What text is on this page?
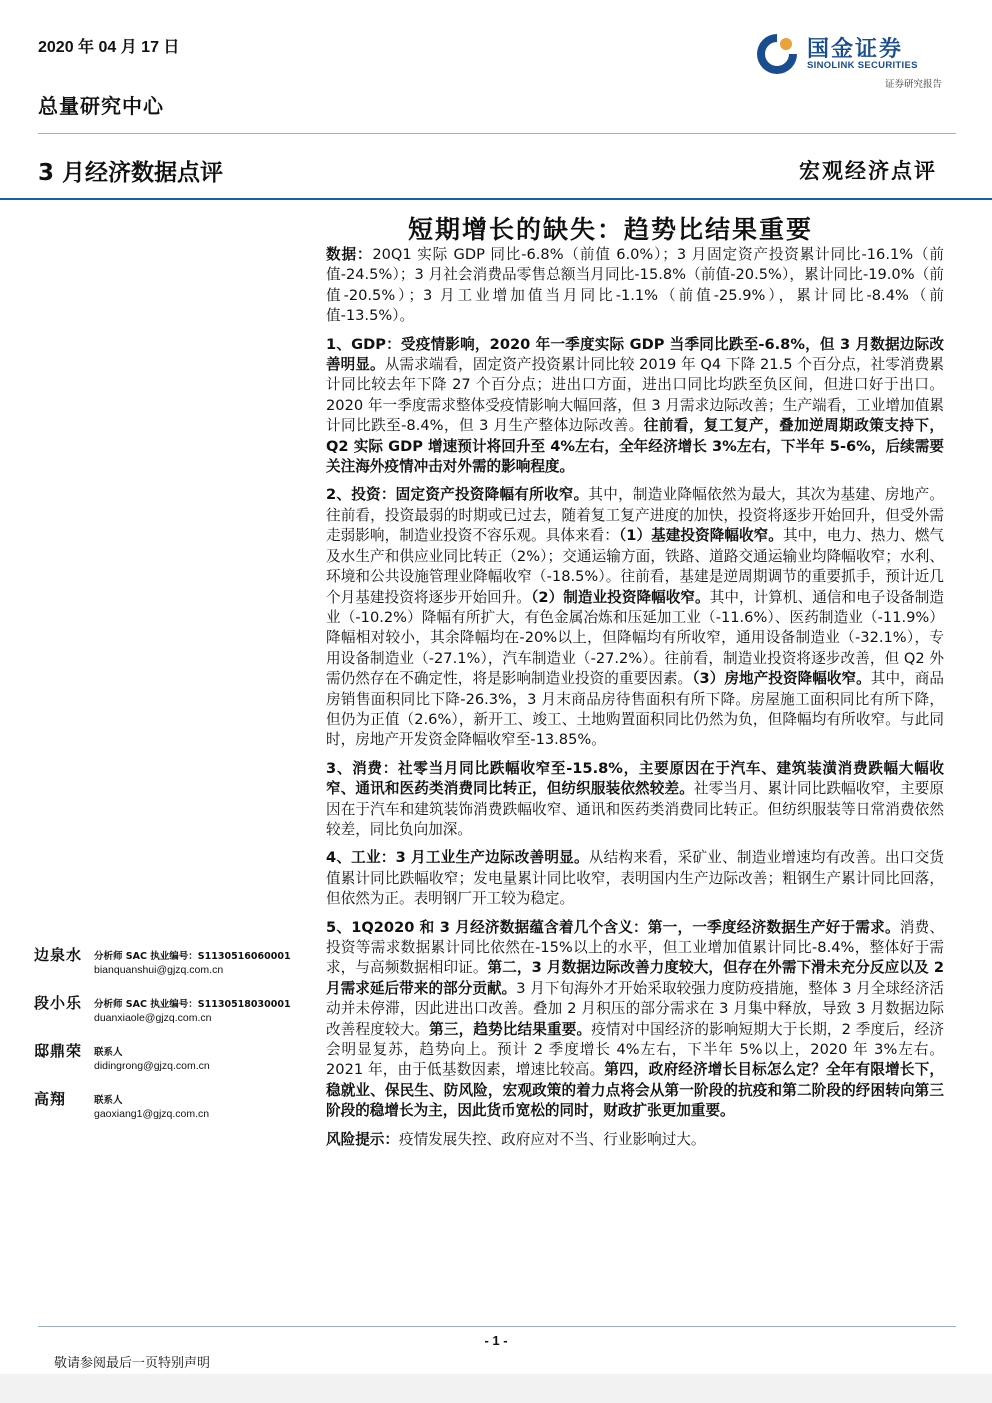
2020 年 04 月 17 日
总量研究中心
国金证券
SINOLINK SECURITIES
证券研究报告
3 月经济数据点评	宏观经济点评
短期增长的缺失：趋势比结果重要

数据：20Q1 实际 GDP 同比-6.8%（前值 6.0%）；3 月固定资产投资累计同比-16.1%（前值-24.5%）；3 月社会消费品零售总额当月同比-15.8%（前值-20.5%），累计同比-19.0%（前值-20.5%）；3 月工业增加值当月同比-1.1%（前值-25.9%），累计同比-8.4%（前值-13.5%）。

1、GDP：受疫情影响，2020 年一季度实际 GDP 当季同比跌至-6.8%，但 3 月数据边际改善明显。从需求端看，固定资产投资累计同比较 2019 年 Q4 下降 21.5 个百分点，社零消费累计同比较去年下降 27 个百分点；进出口方面，进出口同比均跌至负区间，但进口好于出口。2020 年一季度需求整体受疫情影响大幅回落，但 3 月需求边际改善；生产端看，工业增加值累计同比跌至-8.4%，但 3 月生产整体边际改善。往前看，复工复产，叠加逆周期政策支持下，Q2 实际 GDP 增速预计将回升至 4%左右，全年经济增长 3%左右，下半年 5-6%，后续需要关注海外疫情冲击对外需的影响程度。

2、投资：固定资产投资降幅有所收窄。其中，制造业降幅依然为最大，其次为基建、房地产。往前看，投资最弱的时期或已过去，随着复工复产进度的加快，投资将逐步开始回升，但受外需走弱影响，制造业投资不容乐观。具体来看：（1）基建投资降幅收窄。其中，电力、热力、燃气及水生产和供应业同比转正（2%）；交通运输方面，铁路、道路交通运输业均降幅收窄；水利、环境和公共设施管理业降幅收窄（-18.5%）。往前看，基建是逆周期调节的重要抓手，预计近几个月基建投资将逐步开始回升。（2）制造业投资降幅收窄。其中，计算机、通信和电子设备制造业（-10.2%）降幅有所扩大，有色金属冶炼和压延加工业（-11.6%）、医药制造业（-11.9%）降幅相对较小，其余降幅均在-20%以上，但降幅均有所收窄，通用设备制造业（-32.1%），专用设备制造业（-27.1%），汽车制造业（-27.2%）。往前看，制造业投资将逐步改善，但 Q2 外需仍然存在不确定性，将是影响制造业投资的重要因素。（3）房地产投资降幅收窄。其中，商品房销售面积同比下降-26.3%，3 月末商品房待售面积有所下降。房屋施工面积同比有所下降，但仍为正值（2.6%），新开工、竣工、土地购置面积同比仍然为负，但降幅均有所收窄。与此同时，房地产开发资金降幅收窄至-13.85%。

3、消费：社零当月同比跌幅收窄至-15.8%，主要原因在于汽车、建筑装潢消费跌幅大幅收窄、通讯和医药类消费同比转正，但纺织服装依然较差。社零当月、累计同比跌幅收窄，主要原因在于汽车和建筑装饰消费跌幅收窄、通讯和医药类消费同比转正。但纺织服装等日常消费依然较差，同比负向加深。

4、工业：3 月工业生产边际改善明显。从结构来看，采矿业、制造业增速均有改善。出口交货值累计同比跌幅收窄；发电量累计同比收窄，表明国内生产边际改善；粗钢生产累计同比回落，但依然为正。表明钢厂开工较为稳定。

5、1Q2020 和 3 月经济数据蕴含着几个含义：第一，一季度经济数据生产好于需求。消费、投资等需求数据累计同比依然在-15%以上的水平，但工业增加值累计同比-8.4%，整体好于需求，与高频数据相印证。第二，3 月数据边际改善力度较大，但存在外需下滑未充分反应以及 2 月需求延后带来的部分贡献。3 月下旬海外才开始采取较强力度防疫措施，整体 3 月全球经济活动并未停滞，因此进出口改善。叠加 2 月积压的部分需求在 3 月集中释放，导致 3 月数据边际改善程度较大。第三，趋势比结果重要。疫情对中国经济的影响短期大于长期，2 季度后，经济会明显复苏，趋势向上。预计 2 季度增长 4%左右，下半年 5%以上，2020 年 3%左右。2021 年，由于低基数因素，增速比较高。第四，政府经济增长目标怎么定？全年有限增长下，稳就业、保民生、防风险，宏观政策的着力点将会从第一阶段的抗疫和第二阶段的纾困转向第三阶段的稳增长为主，因此货币宽松的同时，财政扩张更加重要。

风险提示：疫情发展失控、政府应对不当、行业影响过大。

边泉水 分析师 SAC 执业编号：S1130516060001
bianquanshui@gjzq.com.cn
段小乐 分析师 SAC 执业编号：S1130518030001
duanxiaole@gjzq.com.cn
邸鼎荣 联系人
didingrong@gjzq.com.cn
高翔	联系人
gaoxiang1@gjzq.com.cn
- 1 -
敬请参阅最后一页特别声明
